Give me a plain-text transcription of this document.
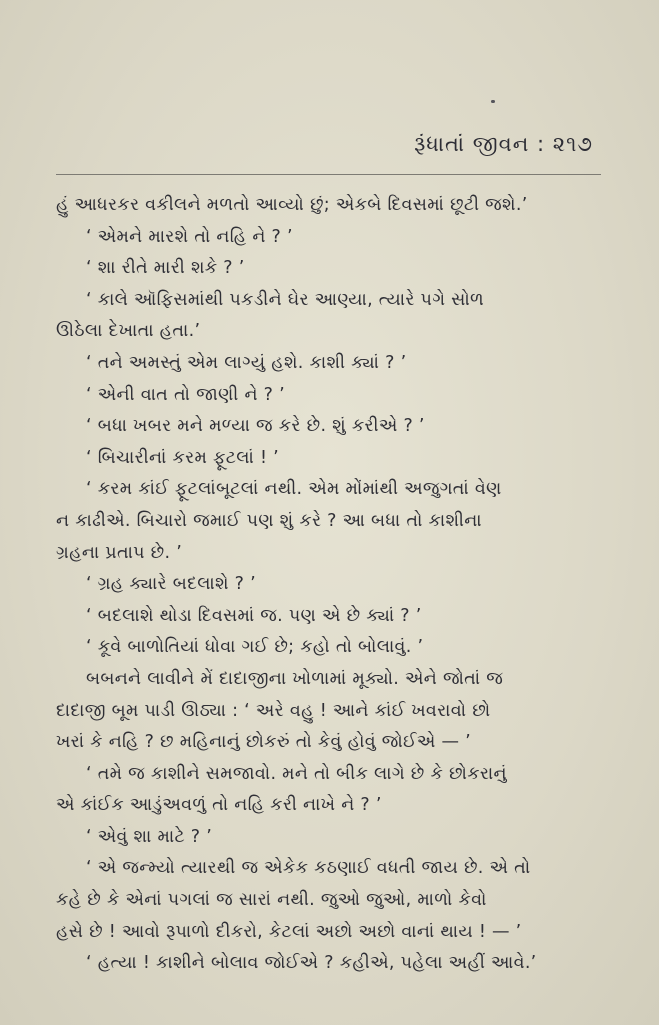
રૂંધાતાં જીવન : ૨૧૭

હું આધરકર વકીલને મળતો આવ્યો છું; એકબે દિવસમાં છૂટી જશે.’

‘ એમને મારશે તો નહિ ને ? ’

‘ શા રીતે મારી શકે ? ’

‘ કાલે ઑફિસમાંથી પકડીને ઘેર આણ્યા, ત્યારે પગે સોળ

ઊઠેલા દેખાતા હતા.’

‘ તને અમસ્તું એમ લાગ્યું હશે. કાશી ક્યાં ? ’

‘ એની વાત તો જાણી ને ? ’

‘ બધા ખબર મને મળ્યા જ કરે છે. શું કરીએ ? ’

‘ બિચારીનાં કરમ ફૂટલાં ! ’

‘ કરમ કાંઈ ફૂટલાંબૂટલાં નથી. એમ મોંમાંથી અજુગતાં વેણ

ન કાઢીએ. બિચારો જમાઈ પણ શું કરે ? આ બધા તો કાશીના

ગ્રહના પ્રતાપ છે. ’

‘ ગ્રહ ક્યારે બદલાશે ? ’

‘ બદલાશે થોડા દિવસમાં જ. પણ એ છે ક્યાં ? ’

‘ કૂવે બાળોતિયાં ધોવા ગઈ છે; કહો તો બોલાવું. ’

બબનને લાવીને મેં દાદાજીના ખોળામાં મૂક્યો. એને જોતાં જ

દાદાજી બૂમ પાડી ઊઠ્યા : ‘ અરે વહુ ! આને કાંઈ ખવરાવો છો

ખરાં કે નહિ ? છ મહિનાનું છોકરું તો કેવું હોવું જોઈએ — ’

‘ તમે જ કાશીને સમજાવો. મને તો બીક લાગે છે કે છોકરાનું

એ કાંઈક આડુંઅવળું તો નહિ કરી નાખે ને ? ’

‘ એવું શા માટે ? ’

‘ એ જન્મ્યો ત્યારથી જ એકેક કઠણાઈ વધતી જાય છે. એ તો

કહે છે કે એનાં પગલાં જ સારાં નથી. જુઓ જુઓ, માળો કેવો

હસે છે ! આવો રૂપાળો દીકરો, કેટલાં અછો અછો વાનાં થાય ! — ’

‘ હત્યા ! કાશીને બોલાવ જોઈએ ? કહીએ, પહેલા અહીં આવે.’
